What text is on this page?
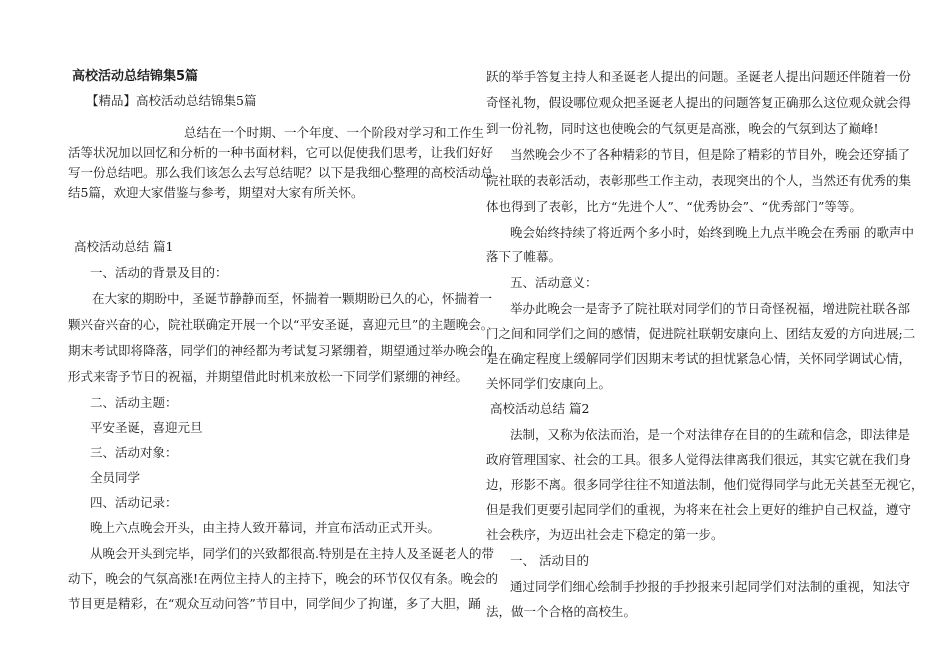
高校活动总结锦集5篇
【精品】高校活动总结锦集5篇
总结在一个时期、一个年度、一个阶段对学习和工作生
活等状况加以回忆和分析的一种书面材料，它可以促使我们思考，让我们好好
写一份总结吧。那么我们该怎么去写总结呢？以下是我细心整理的高校活动总
结5篇，欢迎大家借鉴与参考，期望对大家有所关怀。
高校活动总结 篇1
一、活动的背景及目的：
在大家的期盼中，圣诞节静静而至，怀揣着一颗期盼已久的心，怀揣着一
颗兴奋兴奋的心，院社联确定开展一个以“平安圣诞，喜迎元旦”的主题晚会。
期末考试即将降落，同学们的神经都为考试复习紧绷着，期望通过举办晚会的
形式来寄予节日的祝福，并期望借此时机来放松一下同学们紧绷的神经。
二、活动主题：
平安圣诞，喜迎元旦
三、活动对象：
全员同学
四、活动记录：
晚上六点晚会开头，由主持人致开幕词，并宣布活动正式开头。
从晚会开头到完毕，同学们的兴致都很高.特别是在主持人及圣诞老人的带
动下，晚会的气氛高涨!在两位主持人的主持下，晚会的环节仅仅有条。晚会的
节目更是精彩，在“观众互动问答”节目中，同学间少了拘谨，多了大胆，踊
跃的举手答复主持人和圣诞老人提出的问题。圣诞老人提出问题还伴随着一份
奇怪礼物，假设哪位观众把圣诞老人提出的问题答复正确那么这位观众就会得
到一份礼物，同时这也使晚会的气氛更是高涨，晚会的气氛到达了巅峰!
当然晚会少不了各种精彩的节目，但是除了精彩的节目外，晚会还穿插了
院社联的表彰活动，表彰那些工作主动，表现突出的个人，当然还有优秀的集
体也得到了表彰，比方“先进个人”、“优秀协会”、“优秀部门”等等。
晚会始终持续了将近两个多小时，始终到晚上九点半晚会在秀丽 的歌声中
落下了帷幕。
五、活动意义：
举办此晚会一是寄予了院社联对同学们的节日奇怪祝福，增进院社联各部
门之间和同学们之间的感情，促进院社联朝安康向上、团结友爱的方向进展;二
是在确定程度上缓解同学们因期末考试的担忧紧急心情，关怀同学调试心情，
关怀同学们安康向上。
高校活动总结 篇2
法制，又称为依法而治，是一个对法律存在目的的生疏和信念，即法律是
政府管理国家、社会的工具。很多人觉得法律离我们很远，其实它就在我们身
边，形影不离。很多同学往往不知道法制，他们觉得同学与此无关甚至无视它，
但是我们更要引起同学们的重视，为将来在社会上更好的维护自己权益，遵守
社会秩序，为迈出社会走下稳定的第一步。
一、 活动目的
通过同学们细心绘制手抄报的手抄报来引起同学们对法制的重视，知法守
法，做一个合格的高校生。
